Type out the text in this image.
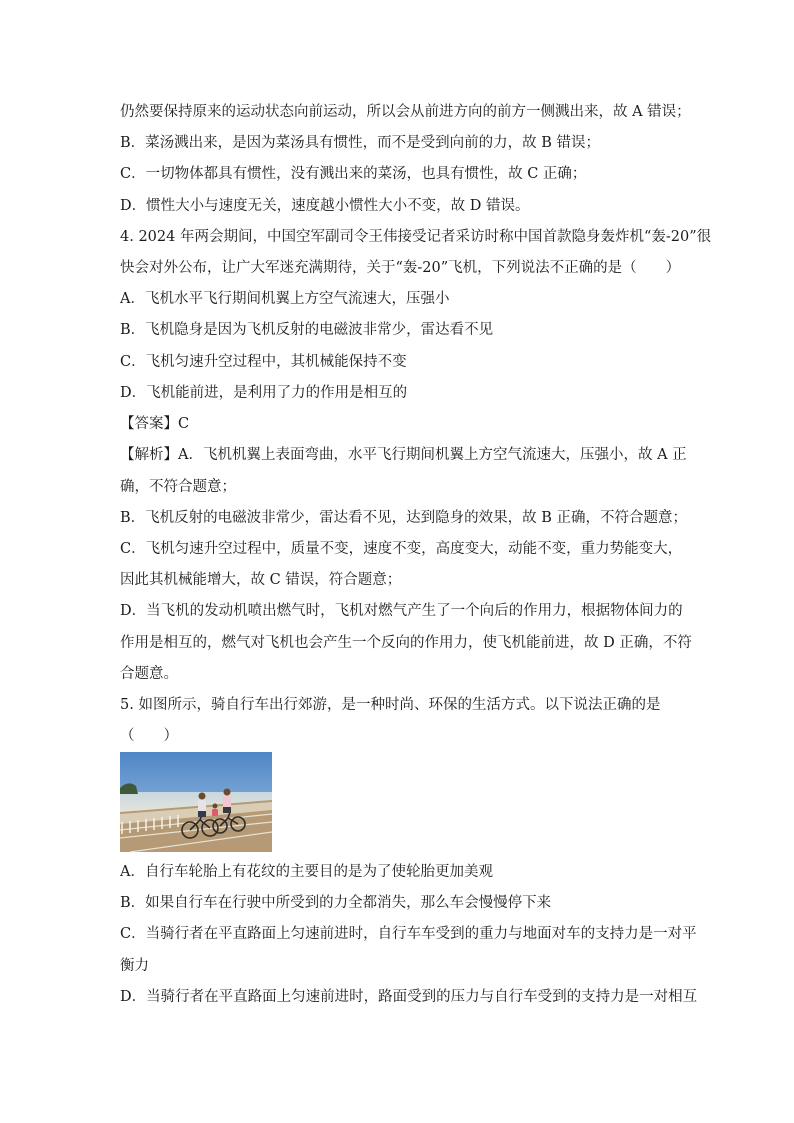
仍然要保持原来的运动状态向前运动，所以会从前进方向的前方一侧溅出来，故 A 错误；
B．菜汤溅出来，是因为菜汤具有惯性，而不是受到向前的力，故 B 错误；
C．一切物体都具有惯性，没有溅出来的菜汤，也具有惯性，故 C 正确；
D．惯性大小与速度无关，速度越小惯性大小不变，故 D 错误。
4. 2024 年两会期间，中国空军副司令王伟接受记者采访时称中国首款隐身轰炸机“轰-20”很
快会对外公布，让广大军迷充满期待，关于“轰-20”飞机，下列说法不正确的是（　　）
A．飞机水平飞行期间机翼上方空气流速大，压强小
B．飞机隐身是因为飞机反射的电磁波非常少，雷达看不见
C．飞机匀速升空过程中，其机械能保持不变
D．飞机能前进，是利用了力的作用是相互的
【答案】C
【解析】A．飞机机翼上表面弯曲，水平飞行期间机翼上方空气流速大，压强小，故 A 正
确，不符合题意；
B．飞机反射的电磁波非常少，雷达看不见，达到隐身的效果，故 B 正确，不符合题意；
C．飞机匀速升空过程中，质量不变，速度不变，高度变大，动能不变，重力势能变大，
因此其机械能增大，故 C 错误，符合题意；
D．当飞机的发动机喷出燃气时，飞机对燃气产生了一个向后的作用力，根据物体间力的
作用是相互的，燃气对飞机也会产生一个反向的作用力，使飞机能前进，故 D 正确，不符
合题意。
5. 如图所示，骑自行车出行郊游，是一种时尚、环保的生活方式。以下说法正确的是
（　　）
A．自行车轮胎上有花纹的主要目的是为了使轮胎更加美观
B．如果自行车在行驶中所受到的力全都消失，那么车会慢慢停下来
C．当骑行者在平直路面上匀速前进时，自行车车受到的重力与地面对车的支持力是一对平
衡力
D．当骑行者在平直路面上匀速前进时，路面受到的压力与自行车受到的支持力是一对相互
